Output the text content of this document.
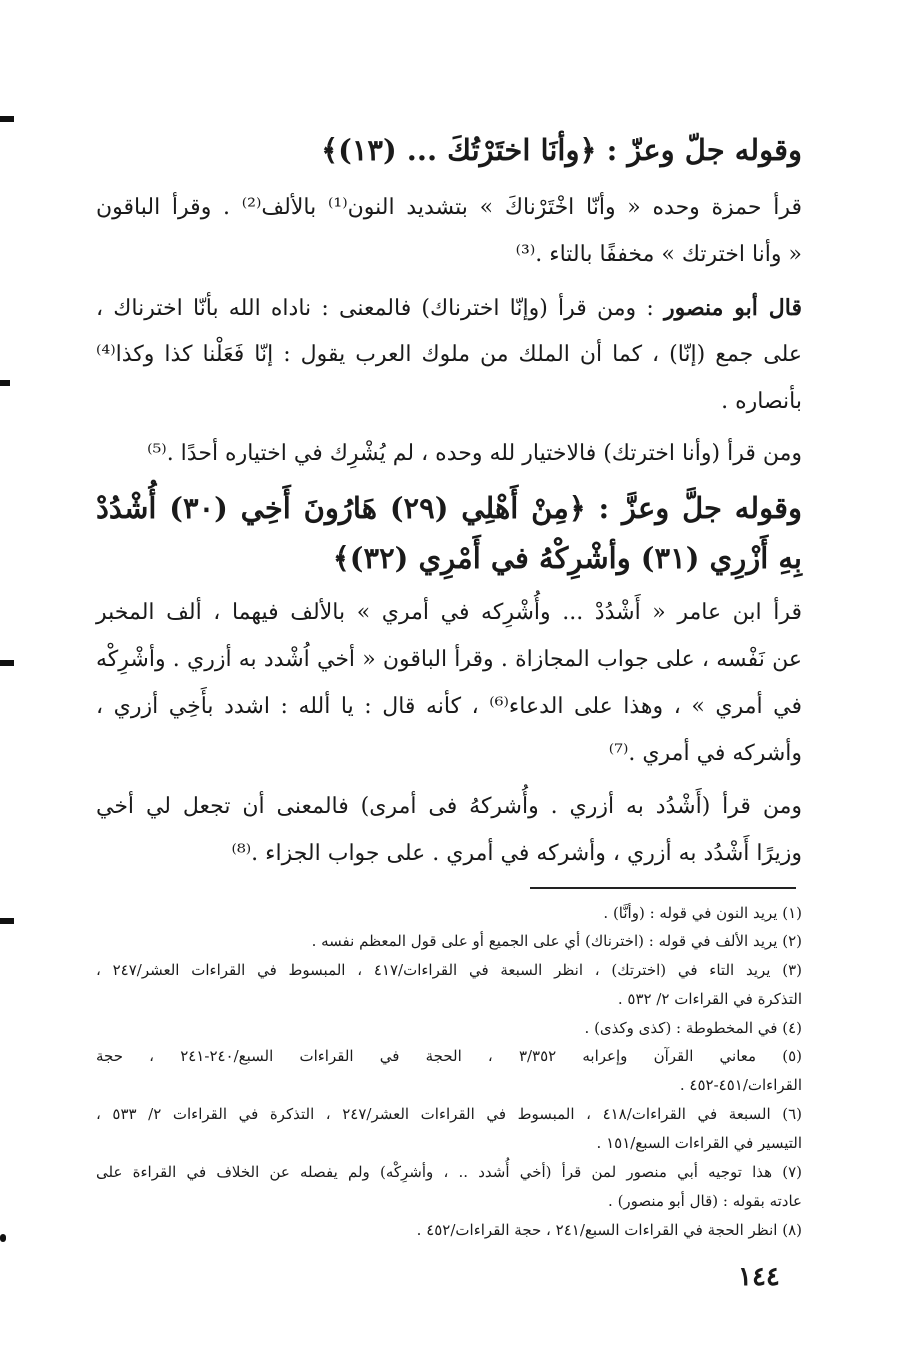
وقوله جلّ وعزّ : ﴿وأنَا اختَرْتُكَ ... (١٣)﴾
قرأ حمزة وحده « وأنّا اخْتَرْناكَ » بتشديد النون⁽¹⁾ بالألف⁽²⁾ . وقرأ الباقون
« وأنا اخترتك » مخففًا بالتاء .⁽³⁾
قال أبو منصور : ومن قرأ (وإنّا اخترناك) فالمعنى : ناداه الله بأنّا اخترناك ،
على جمع (إنّا) ، كما أن الملك من ملوك العرب يقول : إنّا فَعَلْنا كذا وكذا⁽⁴⁾
بأنصاره .
ومن قرأ (وأنا اخترتك) فالاختيار لله وحده ، لم يُشْرِك في اختياره أحدًا .⁽⁵⁾
وقوله جلَّ وعزَّ : ﴿مِنْ أَهْلِي (٢٩) هَارُونَ أَخِي (٣٠) أُشْدُدْ
بِهِ أَزْرِي (٣١) وأشْرِكْهُ في أَمْرِي (٣٢)﴾
قرأ ابن عامر « أَشْدُدْ ... وأُشْرِكه في أمري » بالألف فيهما ، ألف المخبر
عن نَفْسه ، على جواب المجازاة . وقرأ الباقون « أخي اُشْدد به أزري . وأشْرِكْه
في أمري » ، وهذا على الدعاء⁽⁶⁾ ، كأنه قال : يا ألله : اشدد بأَخِي أزري ،
وأشركه في أمري .⁽⁷⁾
ومن قرأ (أَشْدُد به أزري . وأُشركهُ فى أمرى) فالمعنى أن تجعل لي أخي
وزيرًا أَشْدُد به أزري ، وأشركه في أمري . على جواب الجزاء .⁽⁸⁾
(١) يريد النون في قوله : (وأنَّا) .
(٢) يريد الألف في قوله : (اخترناك) أي على الجميع أو على قول المعظم نفسه .
(٣) يريد التاء في (اخترتك) ، انظر السبعة في القراءات/٤١٧ ، المبسوط في القراءات العشر/٢٤٧ ،
التذكرة في القراءات ٢/ ٥٣٢ .
(٤) في المخطوطة : (كذى وكذى) .
(٥) معاني القرآن وإعرابه ٣/٣٥٢ ، الحجة في القراءات السبع/٢٤٠-٢٤١ ، حجة
القراءات/٤٥١-٤٥٢ .
(٦) السبعة في القراءات/٤١٨ ، المبسوط في القراءات العشر/٢٤٧ ، التذكرة في القراءات ٢/ ٥٣٣ ،
التيسير في القراءات السبع/١٥١ .
(٧) هذا توجيه أبي منصور لمن قرأ (أخي أُشدد .. ، وأشرِكْه) ولم يفصله عن الخلاف في القراءة على
عادته بقوله : (قال أبو منصور) .
(٨) انظر الحجة في القراءات السبع/٢٤١ ، حجة القراءات/٤٥٢ .
١٤٤
